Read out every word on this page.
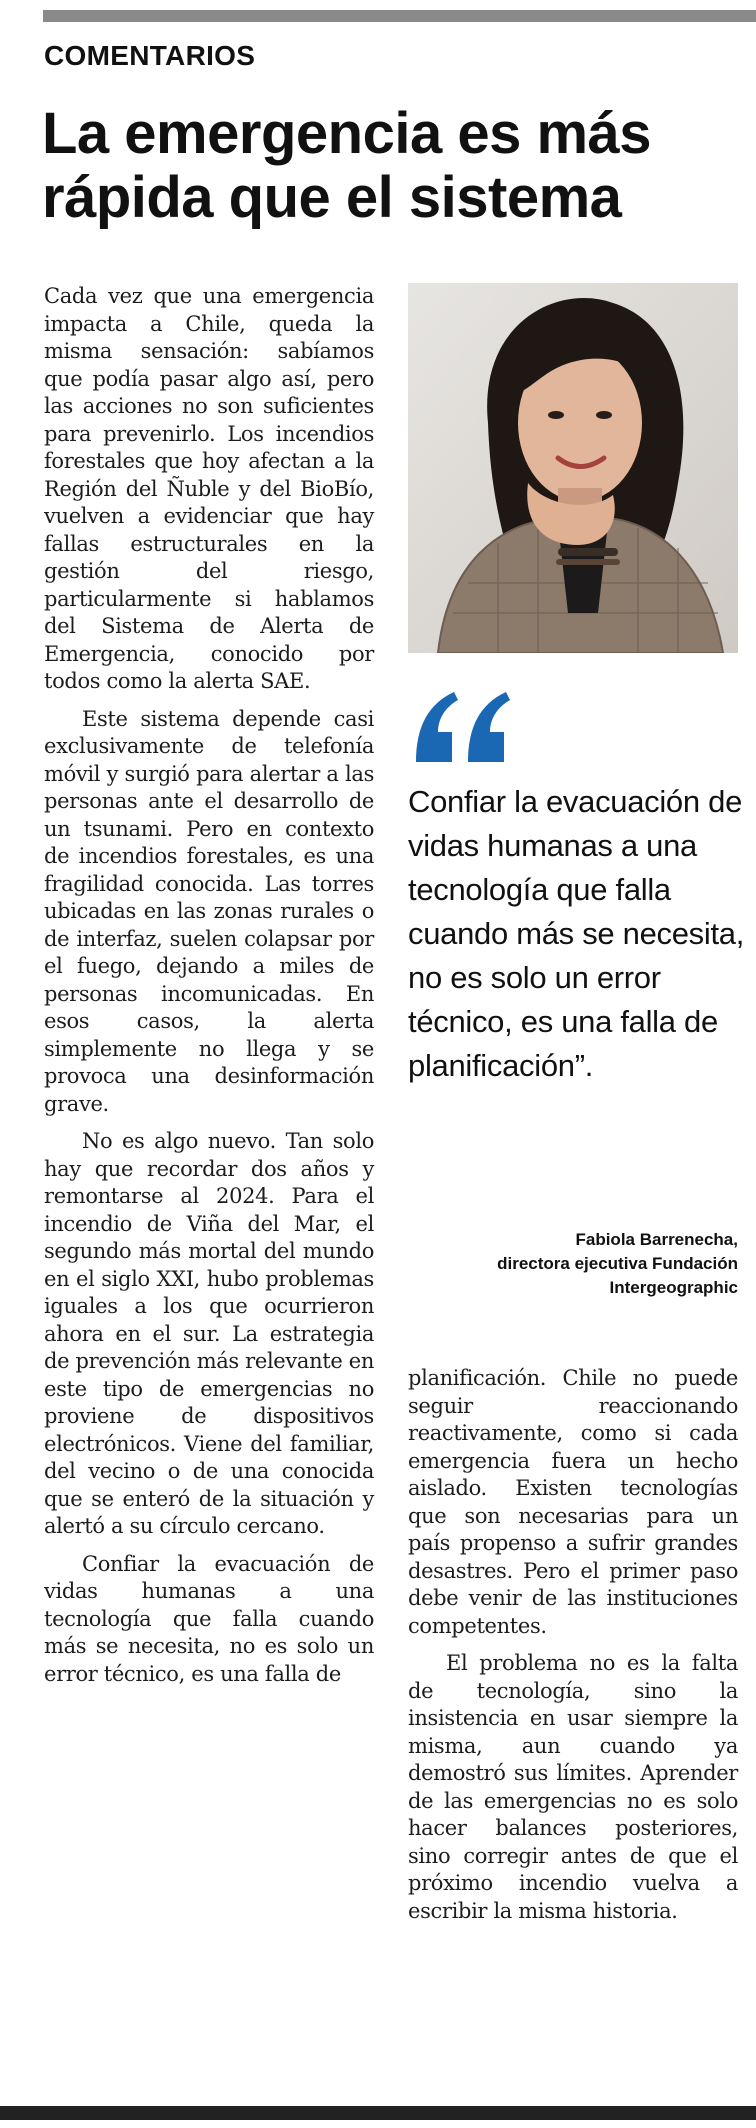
COMENTARIOS
La emergencia es más rápida que el sistema

Cada vez que una emergencia impacta a Chile, queda la misma sensación: sabíamos que podía pasar algo así, pero las acciones no son suficientes para prevenirlo. Los incendios forestales que hoy afectan a la Región del Ñuble y del BioBío, vuelven a evidenciar que hay fallas estructurales en la gestión del riesgo, particularmente si hablamos del Sistema de Alerta de Emergencia, conocido por todos como la alerta SAE.

Este sistema depende casi exclusivamente de telefonía móvil y surgió para alertar a las personas ante el desarrollo de un tsunami. Pero en contexto de incendios forestales, es una fragilidad conocida. Las torres ubicadas en las zonas rurales o de interfaz, suelen colapsar por el fuego, dejando a miles de personas incomunicadas. En esos casos, la alerta simplemente no llega y se provoca una desinformación grave.

No es algo nuevo. Tan solo hay que recordar dos años y remontarse al 2024. Para el incendio de Viña del Mar, el segundo más mortal del mundo en el siglo XXI, hubo problemas iguales a los que ocurrieron ahora en el sur. La estrategia de prevención más relevante en este tipo de emergencias no proviene de dispositivos electrónicos. Viene del familiar, del vecino o de una conocida que se enteró de la situación y alertó a su círculo cercano.

Confiar la evacuación de vidas humanas a una tecnología que falla cuando más se necesita, no es solo un error técnico, es una falla de

Confiar la evacuación de vidas humanas a una tecnología que falla cuando más se necesita, no es solo un error técnico, es una falla de planificación”.
Fabiola Barrenecha,
directora ejecutiva Fundación
Intergeographic

planificación. Chile no puede seguir reaccionando reactivamente, como si cada emergencia fuera un hecho aislado. Existen tecnologías que son necesarias para un país propenso a sufrir grandes desastres. Pero el primer paso debe venir de las instituciones competentes.

El problema no es la falta de tecnología, sino la insistencia en usar siempre la misma, aun cuando ya demostró sus límites. Aprender de las emergencias no es solo hacer balances posteriores, sino corregir antes de que el próximo incendio vuelva a escribir la misma historia.
